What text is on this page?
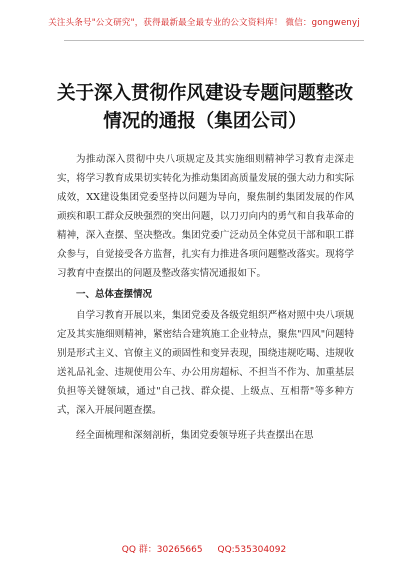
关注头条号"公文研究"，获得最新最全最专业的公文资料库！ 微信：gongwenyj
关于深入贯彻作风建设专题问题整改
情况的通报（集团公司）

为推动深入贯彻中央八项规定及其实施细则精神学习教育走深走实，将学习教育成果切实转化为推动集团高质量发展的强大动力和实际成效，XX建设集团党委坚持以问题为导向，聚焦制约集团发展的作风顽疾和职工群众反映强烈的突出问题，以刀刃向内的勇气和自我革命的精神，深入查摆、坚决整改。集团党委广泛动员全体党员干部和职工群众参与，自觉接受各方监督，扎实有力推进各项问题整改落实。现将学习教育中查摆出的问题及整改落实情况通报如下。

一、总体查摆情况

自学习教育开展以来，集团党委及各级党组织严格对照中央八项规定及其实施细则精神，紧密结合建筑施工企业特点，聚焦"四风"问题特别是形式主义、官僚主义的顽固性和变异表现，围绕违规吃喝、违规收送礼品礼金、违规使用公车、办公用房超标、不担当不作为、加重基层负担等关键领域，通过"自己找、群众提、上级点、互相帮"等多种方式，深入开展问题查摆。

经全面梳理和深刻剖析，集团党委领导班子共查摆出在思

QQ 群：30265665 QQ:535304092
